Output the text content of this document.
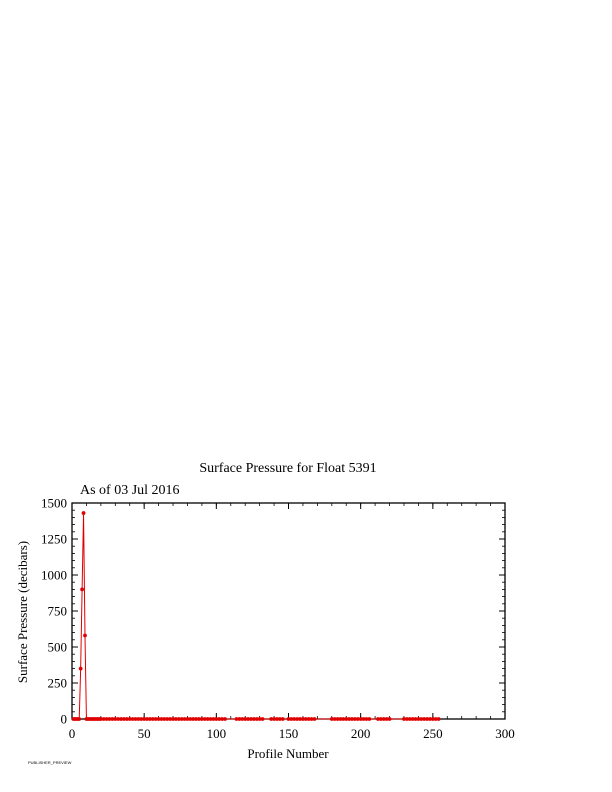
Surface Pressure for Float 5391
As of 03 Jul 2016
0
250
500
750
1000
1250
1500
0	50	100	150	200	250	300
Profile Number
Surface Pressure (decibars)
PUBLISHER_PREVIEW
